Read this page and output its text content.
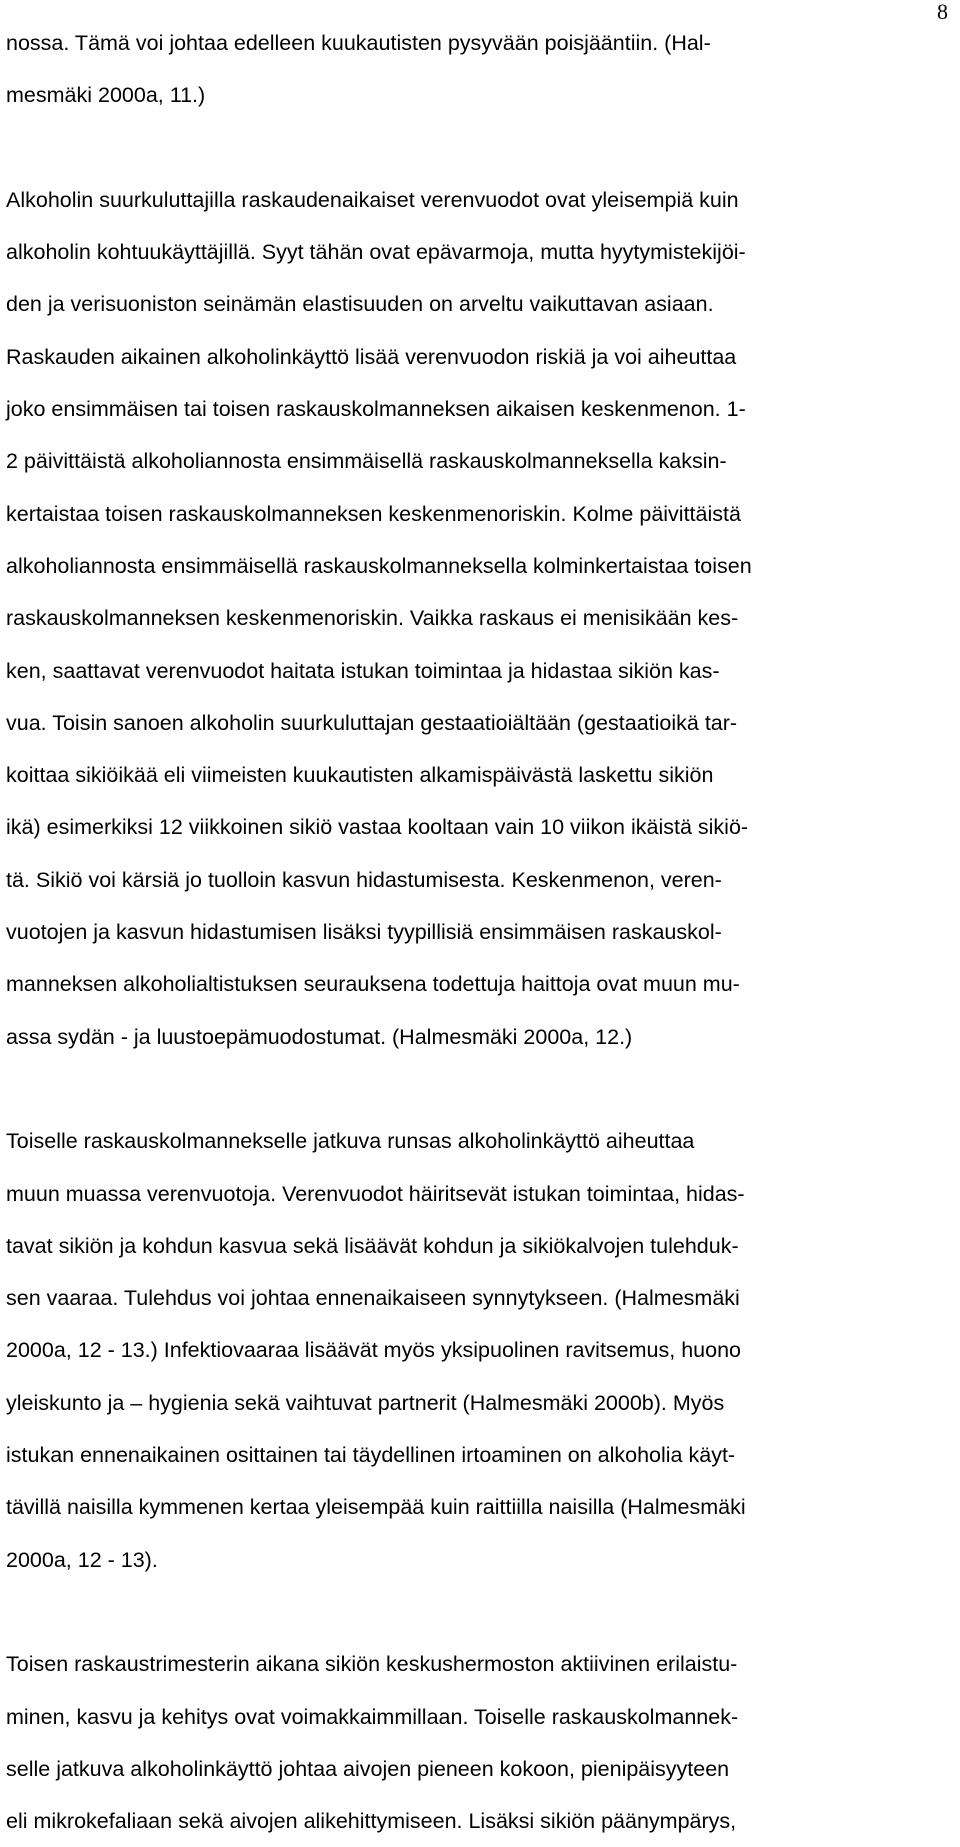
8

nossa. Tämä voi johtaa edelleen kuukautisten pysyvään poisjääntiin. (Hal-
mesmäki 2000a, 11.)

Alkoholin suurkuluttajilla raskaudenaikaiset verenvuodot ovat yleisempiä kuin
alkoholin kohtuukäyttäjillä. Syyt tähän ovat epävarmoja, mutta hyytymistekijöi-
den ja verisuoniston seinämän elastisuuden on arveltu vaikuttavan asiaan.
Raskauden aikainen alkoholinkäyttö lisää verenvuodon riskiä ja voi aiheuttaa
joko ensimmäisen tai toisen raskauskolmanneksen aikaisen keskenmenon. 1-
2 päivittäistä alkoholiannosta ensimmäisellä raskauskolmanneksella kaksin-
kertaistaa toisen raskauskolmanneksen keskenmenoriskin. Kolme päivittäistä
alkoholiannosta ensimmäisellä raskauskolmanneksella kolminkertaistaa toisen
raskauskolmanneksen keskenmenoriskin. Vaikka raskaus ei menisikään kes-
ken, saattavat verenvuodot haitata istukan toimintaa ja hidastaa sikiön kas-
vua. Toisin sanoen alkoholin suurkuluttajan gestaatioiältään (gestaatioikä tar-
koittaa sikiöikää eli viimeisten kuukautisten alkamispäivästä laskettu sikiön
ikä) esimerkiksi 12 viikkoinen sikiö vastaa kooltaan vain 10 viikon ikäistä sikiö-
tä. Sikiö voi kärsiä jo tuolloin kasvun hidastumisesta. Keskenmenon, veren-
vuotojen ja kasvun hidastumisen lisäksi tyypillisiä ensimmäisen raskauskol-
manneksen alkoholialtistuksen seurauksena todettuja haittoja ovat muun mu-
assa sydän - ja luustoepämuodostumat. (Halmesmäki 2000a, 12.)

Toiselle raskauskolmannekselle jatkuva runsas alkoholinkäyttö aiheuttaa
muun muassa verenvuotoja. Verenvuodot häiritsevät istukan toimintaa, hidas-
tavat sikiön ja kohdun kasvua sekä lisäävät kohdun ja sikiökalvojen tulehduk-
sen vaaraa. Tulehdus voi johtaa ennenaikaiseen synnytykseen. (Halmesmäki
2000a, 12 - 13.) Infektiovaaraa lisäävät myös yksipuolinen ravitsemus, huono
yleiskunto ja – hygienia sekä vaihtuvat partnerit (Halmesmäki 2000b). Myös
istukan ennenaikainen osittainen tai täydellinen irtoaminen on alkoholia käyt-
tävillä naisilla kymmenen kertaa yleisempää kuin raittiilla naisilla (Halmesmäki
2000a, 12 - 13).

Toisen raskaustrimesterin aikana sikiön keskushermoston aktiivinen erilaistu-
minen, kasvu ja kehitys ovat voimakkaimmillaan. Toiselle raskauskolmannek-
selle jatkuva alkoholinkäyttö johtaa aivojen pieneen kokoon, pienipäisyyteen
eli mikrokefaliaan sekä aivojen alikehittymiseen. Lisäksi sikiön päänympärys,
